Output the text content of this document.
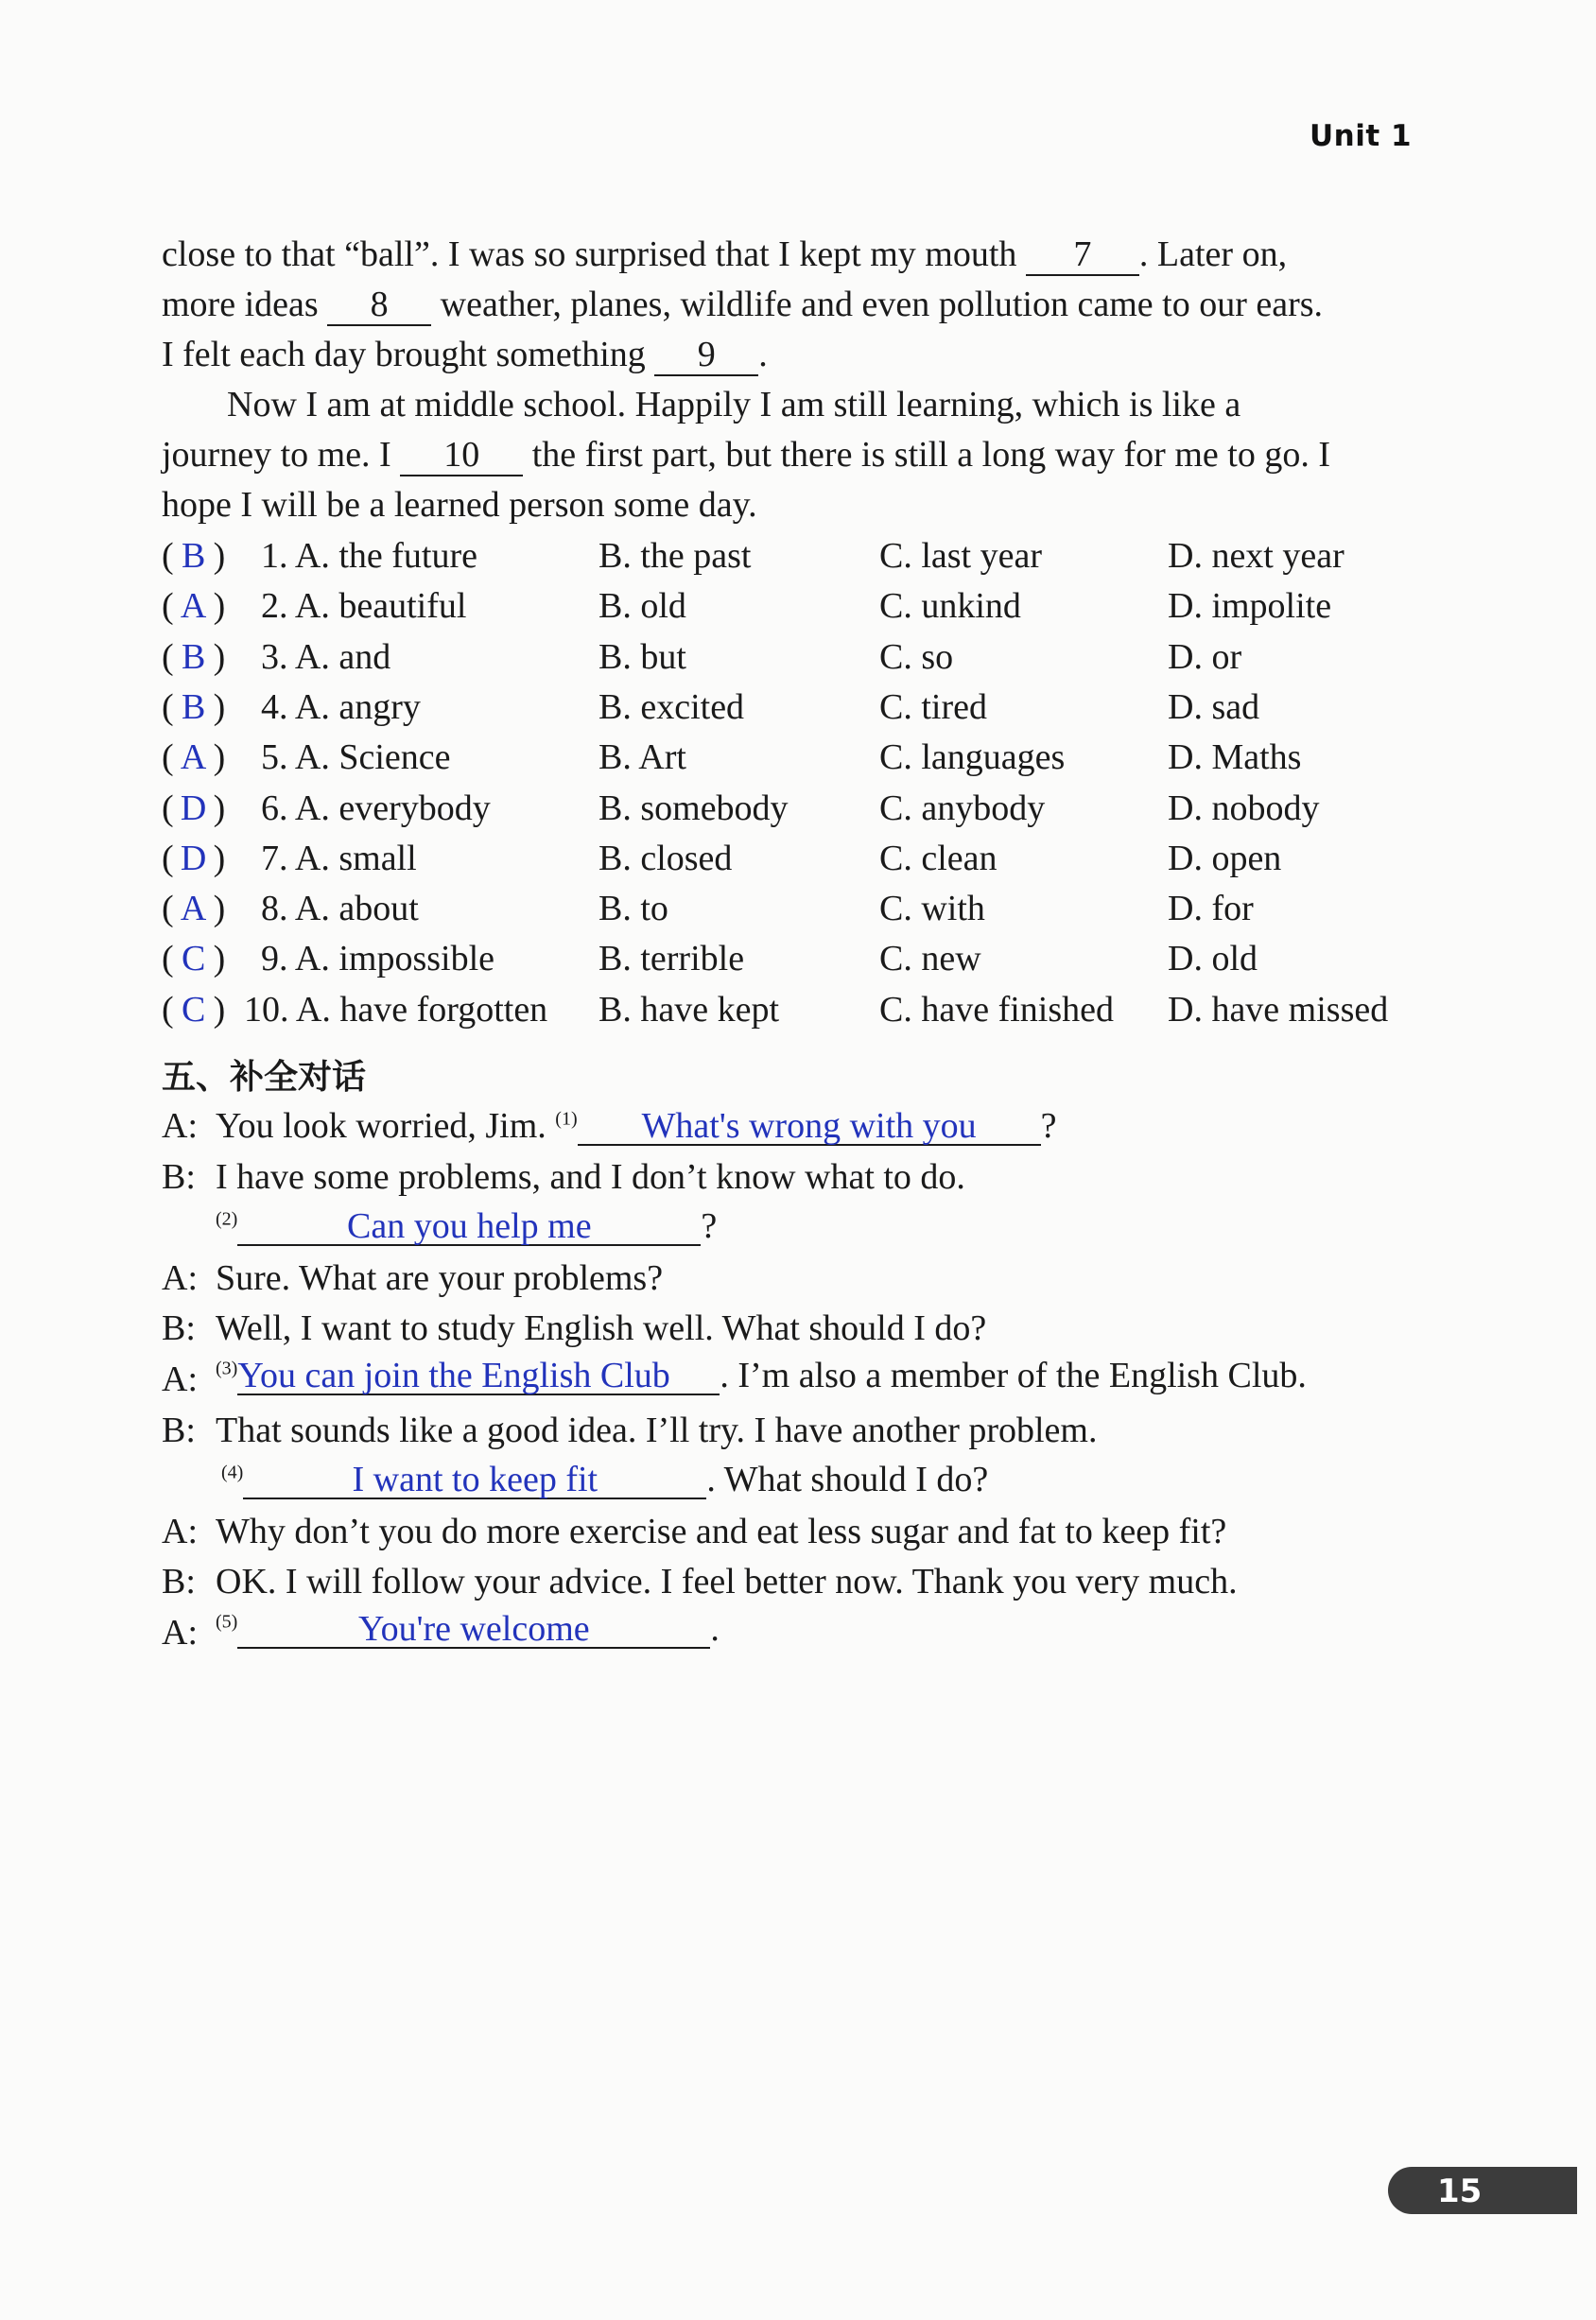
Unit 1
close to that “ball”. I was so surprised that I kept my mouth 7 . Later on,
more ideas 8 weather, planes, wildlife and even pollution came to our ears.
I felt each day brought something 9 .
Now I am at middle school. Happily I am still learning, which is like a
journey to me. I 10 the first part, but there is still a long way for me to go. I
hope I will be a learned person some day.
( B ) 1. A. the future	B. the past	C. last year	D. next year
( A ) 2. A. beautiful	B. old	C. unkind	D. impolite
( B ) 3. A. and	B. but	C. so	D. or
( B ) 4. A. angry	B. excited	C. tired	D. sad
( A ) 5. A. Science	B. Art	C. languages	D. Maths
( D ) 6. A. everybody	B. somebody	C. anybody	D. nobody
( D ) 7. A. small	B. closed	C. clean	D. open
( A ) 8. A. about	B. to	C. with	D. for
( C ) 9. A. impossible	B. terrible	C. new	D. old
( C ) 10. A. have forgotten B. have kept	C. have finished D. have missed
五、补全对话
A: You look worried, Jim. $^{(1)}$ What's wrong with you ?
B: I have some problems, and I don’t know what to do.
$^{(2)}$	Can you help me	?
A: Sure. What are your problems?
B: Well, I want to study English well. What should I do?
A: $^{(3)}$You can join the English Club . I’m also a member of the English Club.
B: That sounds like a good idea. I’ll try. I have another problem.
$^{(4)}$	I want to keep fit	. What should I do?
A: Why don’t you do more exercise and eat less sugar and fat to keep fit?
B: OK. I will follow your advice. I feel better now. Thank you very much.
A: $^{(5)}$	You're welcome	.
15
